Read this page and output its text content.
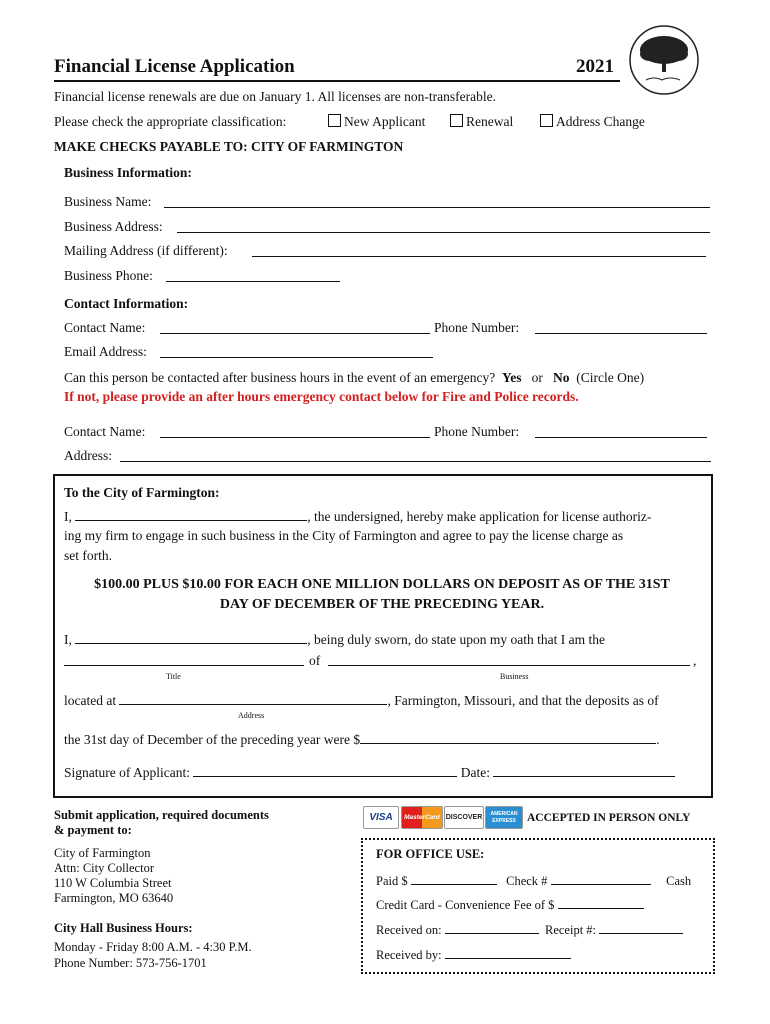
Financial License Application	2021
Financial license renewals are due on January 1. All licenses are non-transferable.
Please check the appropriate classification:	New Applicant	Renewal	Address Change
MAKE CHECKS PAYABLE TO: CITY OF FARMINGTON
Business Information:
Business Name:
Business Address:
Mailing Address (if different):
Business Phone:
Contact Information:
Contact Name:	Phone Number:
Email Address:
Can this person be contacted after business hours in the event of an emergency? Yes or No (Circle One)
If not, please provide an after hours emergency contact below for Fire and Police records.
Contact Name:	Phone Number:
Address:
To the City of Farmington:
I,	, the undersigned, hereby make application for license authoriz-
ing my firm to engage in such business in the City of Farmington and agree to pay the license charge as
set forth.
$100.00 PLUS $10.00 FOR EACH ONE MILLION DOLLARS ON DEPOSIT AS OF THE 31ST
DAY OF DECEMBER OF THE PRECEDING YEAR.
I,	, being duly sworn, do state upon my oath that I am the
of	,
Title	Business
located at	, Farmington, Missouri, and that the deposits as of
Address
the 31st day of December of the preceding year were $	.
Signature of Applicant:	Date:
Submit application, required documents
& payment to:
City of Farmington
Attn: City Collector
110 W Columbia Street
Farmington, MO 63640
City Hall Business Hours:
Monday - Friday 8:00 A.M. - 4:30 P.M.
Phone Number: 573-756-1701
VISA MasterCard DISCOVER
AMERICAN EXPRESS ACCEPTED IN PERSON ONLY
FOR OFFICE USE:
Paid $	Check #	Cash
Credit Card - Convenience Fee of $
Received on:	Receipt #:
Received by:
